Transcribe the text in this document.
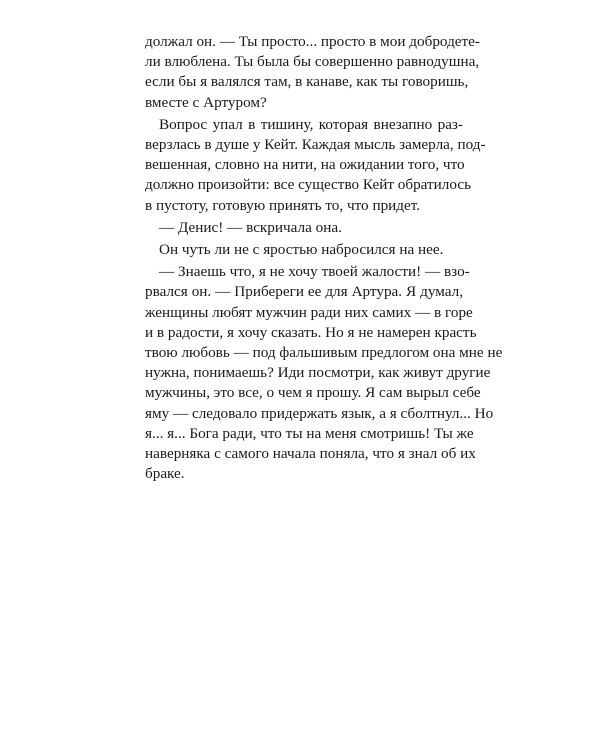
должал он. — Ты просто... просто в мои добродете-
ли влюблена. Ты была бы совершенно равнодушна,
если бы я валялся там, в канаве, как ты говоришь,
вместе с Артуром?

Вопрос упал в тишину, которая внезапно раз-
верзлась в душе у Кейт. Каждая мысль замерла, под-
вешенная, словно на нити, на ожидании того, что
должно произойти: все существо Кейт обратилось
в пустоту, готовую принять то, что придет.

— Денис! — вскричала она.

Он чуть ли не с яростью набросился на нее.

— Знаешь что, я не хочу твоей жалости! — взо-
рвался он. — Прибереги ее для Артура. Я думал,
женщины любят мужчин ради них самих — в горе
и в радости, я хочу сказать. Но я не намерен красть
твою любовь — под фальшивым предлогом она мне не
нужна, понимаешь? Иди посмотри, как живут другие
мужчины, это все, о чем я прошу. Я сам вырыл себе
яму — следовало придержать язык, а я сболтнул... Но
я... я... Бога ради, что ты на меня смотришь! Ты же
наверняка с самого начала поняла, что я знал об их
браке.
